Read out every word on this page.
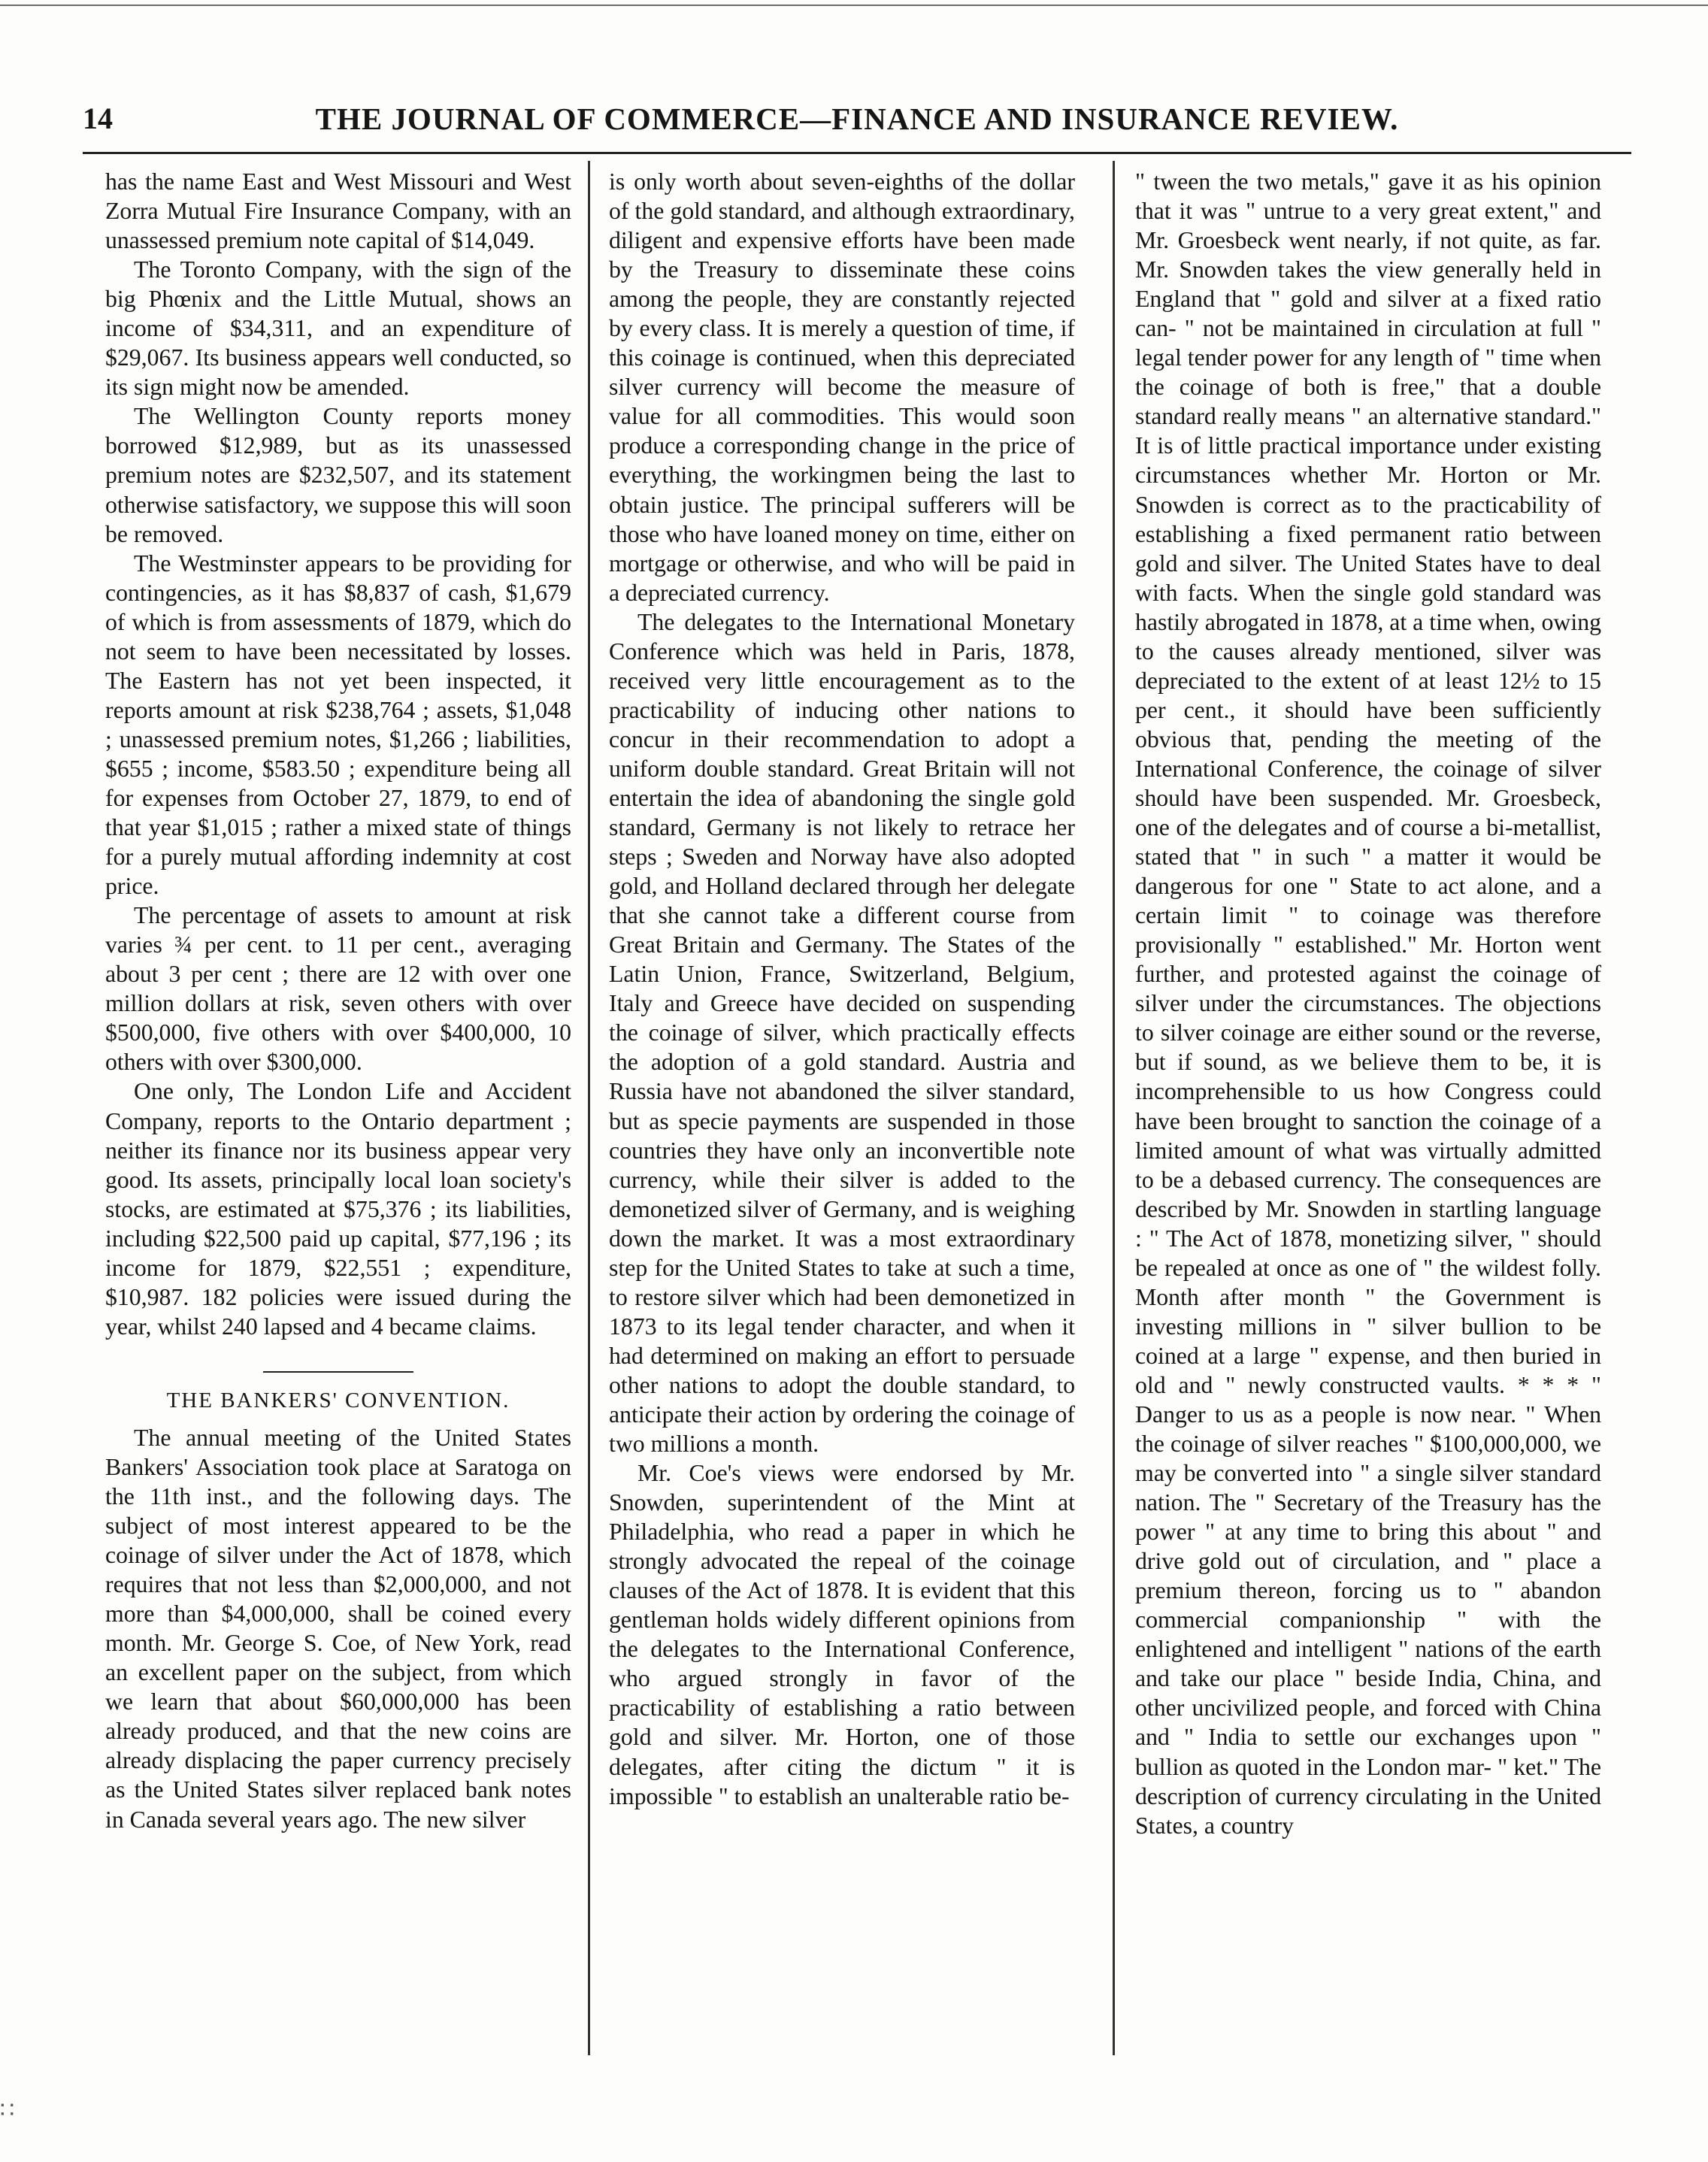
THE JOURNAL OF COMMERCE—FINANCE AND INSURANCE REVIEW.
14

has the name East and West Missouri and West Zorra Mutual Fire Insurance Company, with an unassessed premium note capital of $14,049.

The Toronto Company, with the sign of the big Phœnix and the Little Mutual, shows an income of $34,311, and an expenditure of $29,067. Its business appears well conducted, so its sign might now be amended.

The Wellington County reports money borrowed $12,989, but as its unassessed premium notes are $232,507, and its statement otherwise satisfactory, we suppose this will soon be removed.

The Westminster appears to be providing for contingencies, as it has $8,837 of cash, $1,679 of which is from assessments of 1879, which do not seem to have been necessitated by losses. The Eastern has not yet been inspected, it reports amount at risk $238,764 ; assets, $1,048 ; unassessed premium notes, $1,266 ; liabilities, $655 ; income, $583.50 ; expenditure being all for expenses from October 27, 1879, to end of that year $1,015 ; rather a mixed state of things for a purely mutual affording indemnity at cost price.

The percentage of assets to amount at risk varies ¾ per cent. to 11 per cent., averaging about 3 per cent ; there are 12 with over one million dollars at risk, seven others with over $500,000, five others with over $400,000, 10 others with over $300,000.

One only, The London Life and Accident Company, reports to the Ontario department ; neither its finance nor its business appear very good. Its assets, principally local loan society's stocks, are estimated at $75,376 ; its liabilities, including $22,500 paid up capital, $77,196 ; its income for 1879, $22,551 ; expenditure, $10,987. 182 policies were issued during the year, whilst 240 lapsed and 4 became claims.

THE BANKERS' CONVENTION.

The annual meeting of the United States Bankers' Association took place at Saratoga on the 11th inst., and the following days. The subject of most interest appeared to be the coinage of silver under the Act of 1878, which requires that not less than $2,000,000, and not more than $4,000,000, shall be coined every month. Mr. George S. Coe, of New York, read an excellent paper on the subject, from which we learn that about $60,000,000 has been already produced, and that the new coins are already displacing the paper currency precisely as the United States silver replaced bank notes in Canada several years ago. The new silver

is only worth about seven-eighths of the dollar of the gold standard, and although extraordinary, diligent and expensive efforts have been made by the Treasury to disseminate these coins among the people, they are constantly rejected by every class. It is merely a question of time, if this coinage is continued, when this depreciated silver currency will become the measure of value for all commodities. This would soon produce a corresponding change in the price of everything, the workingmen being the last to obtain justice. The principal sufferers will be those who have loaned money on time, either on mortgage or otherwise, and who will be paid in a depreciated currency.

The delegates to the International Monetary Conference which was held in Paris, 1878, received very little encouragement as to the practicability of inducing other nations to concur in their recommendation to adopt a uniform double standard. Great Britain will not entertain the idea of abandoning the single gold standard, Germany is not likely to retrace her steps ; Sweden and Norway have also adopted gold, and Holland declared through her delegate that she cannot take a different course from Great Britain and Germany. The States of the Latin Union, France, Switzerland, Belgium, Italy and Greece have decided on suspending the coinage of silver, which practically effects the adoption of a gold standard. Austria and Russia have not abandoned the silver standard, but as specie payments are suspended in those countries they have only an inconvertible note currency, while their silver is added to the demonetized silver of Germany, and is weighing down the market. It was a most extraordinary step for the United States to take at such a time, to restore silver which had been demonetized in 1873 to its legal tender character, and when it had determined on making an effort to persuade other nations to adopt the double standard, to anticipate their action by ordering the coinage of two millions a month.

Mr. Coe's views were endorsed by Mr. Snowden, superintendent of the Mint at Philadelphia, who read a paper in which he strongly advocated the repeal of the coinage clauses of the Act of 1878. It is evident that this gentleman holds widely different opinions from the delegates to the International Conference, who argued strongly in favor of the practicability of establishing a ratio between gold and silver. Mr. Horton, one of those delegates, after citing the dictum " it is impossible " to establish an unalterable ratio be-

" tween the two metals," gave it as his opinion that it was " untrue to a very great extent," and Mr. Groesbeck went nearly, if not quite, as far. Mr. Snowden takes the view generally held in England that " gold and silver at a fixed ratio can- " not be maintained in circulation at full " legal tender power for any length of " time when the coinage of both is free," that a double standard really means " an alternative standard." It is of little practical importance under existing circumstances whether Mr. Horton or Mr. Snowden is correct as to the practicability of establishing a fixed permanent ratio between gold and silver. The United States have to deal with facts. When the single gold standard was hastily abrogated in 1878, at a time when, owing to the causes already mentioned, silver was depreciated to the extent of at least 12½ to 15 per cent., it should have been sufficiently obvious that, pending the meeting of the International Conference, the coinage of silver should have been suspended. Mr. Groesbeck, one of the delegates and of course a bi-metallist, stated that " in such " a matter it would be dangerous for one " State to act alone, and a certain limit " to coinage was therefore provisionally " established." Mr. Horton went further, and protested against the coinage of silver under the circumstances. The objections to silver coinage are either sound or the reverse, but if sound, as we believe them to be, it is incomprehensible to us how Congress could have been brought to sanction the coinage of a limited amount of what was virtually admitted to be a debased currency. The consequences are described by Mr. Snowden in startling language : " The Act of 1878, monetizing silver, " should be repealed at once as one of " the wildest folly. Month after month " the Government is investing millions in " silver bullion to be coined at a large " expense, and then buried in old and " newly constructed vaults. * * * " Danger to us as a people is now near. " When the coinage of silver reaches " $100,000,000, we may be converted into " a single silver standard nation. The " Secretary of the Treasury has the power " at any time to bring this about " and drive gold out of circulation, and " place a premium thereon, forcing us to " abandon commercial companionship " with the enlightened and intelligent " nations of the earth and take our place " beside India, China, and other uncivilized people, and forced with China and " India to settle our exchanges upon " bullion as quoted in the London mar- " ket." The description of currency circulating in the United States, a country

∷
